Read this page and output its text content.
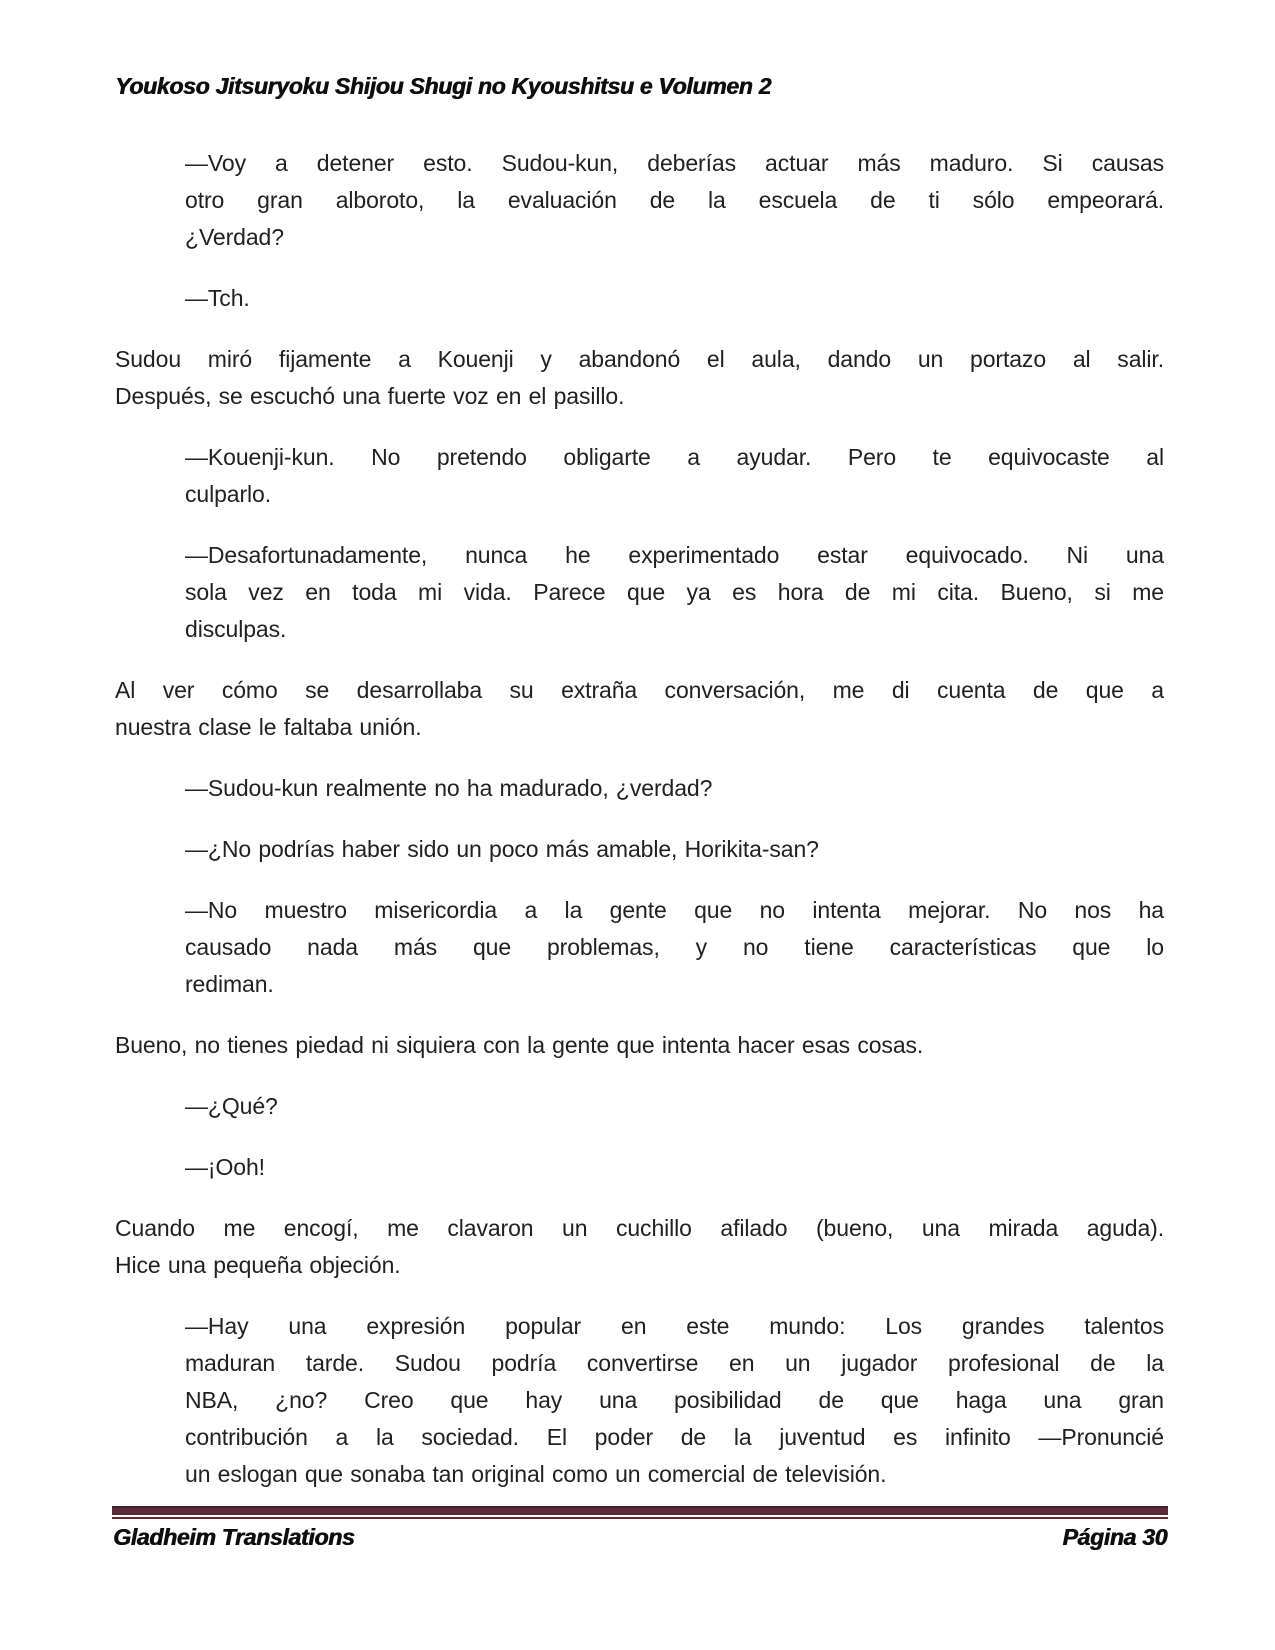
Youkoso Jitsuryoku Shijou Shugi no Kyoushitsu e Volumen 2
—Voy a detener esto. Sudou-kun, deberías actuar más maduro. Si causas
otro gran alboroto, la evaluación de la escuela de ti sólo empeorará.
¿Verdad?
—Tch.
Sudou miró fijamente a Kouenji y abandonó el aula, dando un portazo al salir.
Después, se escuchó una fuerte voz en el pasillo.
—Kouenji-kun. No pretendo obligarte a ayudar. Pero te equivocaste al
culparlo.
—Desafortunadamente, nunca he experimentado estar equivocado. Ni una
sola vez en toda mi vida. Parece que ya es hora de mi cita. Bueno, si me
disculpas.
Al ver cómo se desarrollaba su extraña conversación, me di cuenta de que a
nuestra clase le faltaba unión.
—Sudou-kun realmente no ha madurado, ¿verdad?
—¿No podrías haber sido un poco más amable, Horikita-san?
—No muestro misericordia a la gente que no intenta mejorar. No nos ha
causado nada más que problemas, y no tiene características que lo
rediman.
Bueno, no tienes piedad ni siquiera con la gente que intenta hacer esas cosas.
—¿Qué?
—¡Ooh!
Cuando me encogí, me clavaron un cuchillo afilado (bueno, una mirada aguda).
Hice una pequeña objeción.
—Hay una expresión popular en este mundo: Los grandes talentos
maduran tarde. Sudou podría convertirse en un jugador profesional de la
NBA, ¿no? Creo que hay una posibilidad de que haga una gran
contribución a la sociedad. El poder de la juventud es infinito —Pronuncié
un eslogan que sonaba tan original como un comercial de televisión.
Gladheim Translations	Página 30
